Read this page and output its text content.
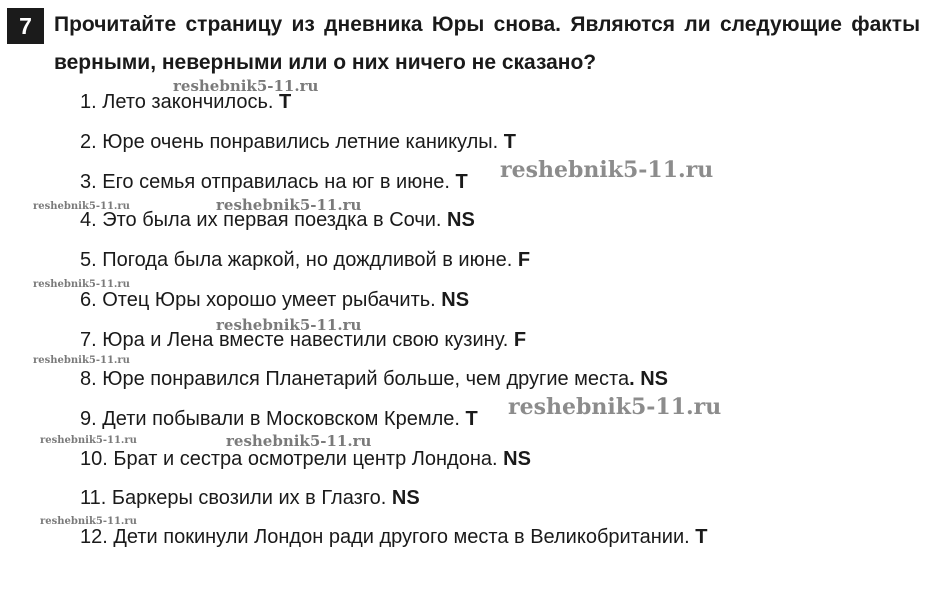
7	Прочитайте страницу из дневника Юры снова. Являются ли следующие факты верными, неверными или о них ничего не сказано?

1. Лето закончилось. T
2. Юре очень понравились летние каникулы. T
3. Его семья отправилась на юг в июне. T
4. Это была их первая поездка в Сочи. NS
5. Погода была жаркой, но дождливой в июне. F
6. Отец Юры хорошо умеет рыбачить. NS
7. Юра и Лена вместе навестили свою кузину. F
8. Юре понравился Планетарий больше, чем другие места. NS
9. Дети побывали в Московском Кремле. T
10. Брат и сестра осмотрели центр Лондона. NS
11. Баркеры свозили их в Глазго. NS
12. Дети покинули Лондон ради другого места в Великобритании. T
reshebnik5-11.ru
reshebnik5-11.ru
reshebnik5-11.ru	reshebnik5-11.ru
reshebnik5-11.ru
reshebnik5-11.ru
reshebnik5-11.ru
reshebnik5-11.ru
reshebnik5-11.ru	reshebnik5-11.ru
reshebnik5-11.ru
